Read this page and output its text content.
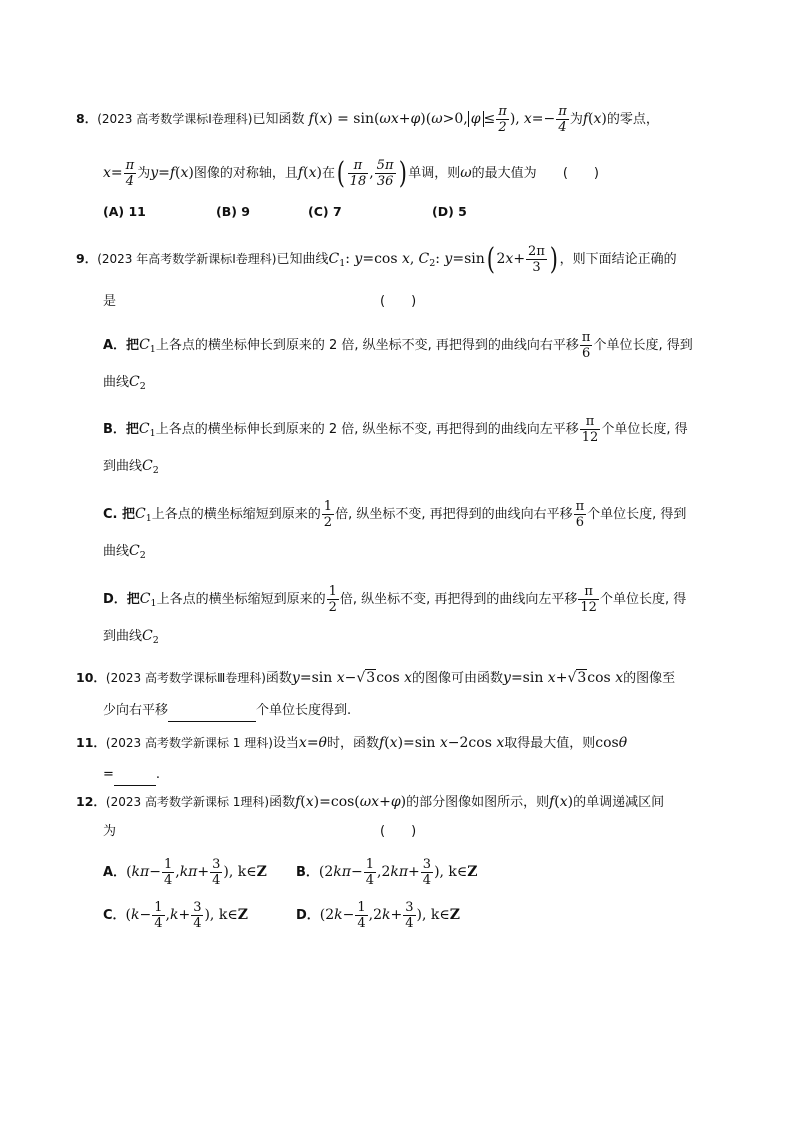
8．(2023 高考数学课标Ⅰ卷理科)已知函数 f(x) = sin(ωx+φ)(ω>0, $\varphi \le \frac{\pi}{2}$ ), $x=- \frac{\pi}{4}$ 为f(x)的零点，
$x= \frac{\pi}{4}$ 为y=f(x)图像的对称轴，且f(x)在( $\frac{\pi}{18}$ , $\frac{5\pi}{36}$ ) 单调，则ω的最大值为 (　　)
(A) 11	(B) 9	(C) 7	(D) 5
9．(2023 年高考数学新课标Ⅰ卷理科)已知曲线$C_1$: y=cos x, $C_2$: y=sin( $2x+ \frac{2\pi}{3}$ ) ，则下面结论正确的
是	(　　)
A．把$C_1$上各点的横坐标伸长到原来的 2 倍, 纵坐标不变, 再把得到的曲线向右平移 $\frac{\pi}{6}$ 个单位长度, 得到
曲线$C_2$
B．把$C_1$上各点的横坐标伸长到原来的 2 倍, 纵坐标不变, 再把得到的曲线向左平移 $\frac{\pi}{12}$ 个单位长度, 得
到曲线$C_2$
C. 把$C_1$上各点的横坐标缩短到原来的 $\frac{1}{2}$ 倍, 纵坐标不变, 再把得到的曲线向右平移 $\frac{\pi}{6}$ 个单位长度, 得到
曲线$C_2$
D．把$C_1$上各点的横坐标缩短到原来的 $\frac{1}{2}$ 倍, 纵坐标不变, 再把得到的曲线向左平移 $\frac{\pi}{12}$ 个单位长度, 得
到曲线$C_2$
10．(2023 高考数学课标Ⅲ卷理科)函数y=sin x−√3cos x的图像可由函数y=sin x+√3cos x的图像至
少向右平移	个单位长度得到.
11．(2023 高考数学新课标 1 理科)设当x=θ时，函数f(x)=sin x−2cos x取得最大值，则cosθ
=	.
12．(2023 高考数学新课标 1理科)函数f(x)=cos(ωx+φ)的部分图像如图所示，则f(x)的单调递减区间
为	(　　)
A．($k\pi- \frac{1}{4} ,k\pi+ \frac{3}{4}$ ), k∈Z B．($2k\pi- \frac{1}{4} ,2k\pi+ \frac{3}{4}$ ), k∈Z
C．($k- \frac{1}{4} ,k+ \frac{3}{4}$ ), k∈Z	D．($2k- \frac{1}{4} ,2k+ \frac{3}{4}$ ), k∈Z
